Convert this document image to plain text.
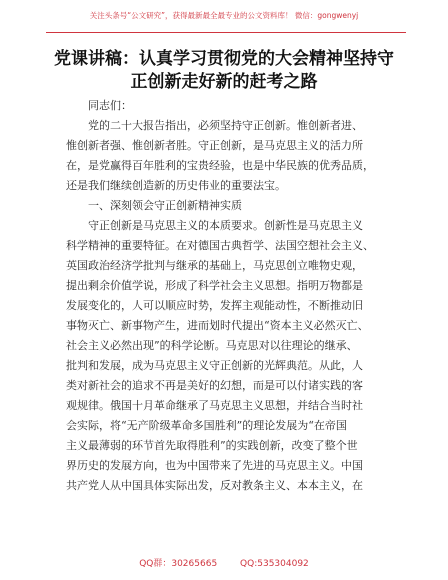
关注头条号“公文研究”，获得最新最全最专业的公文资料库！ 微信：gongwenyj
党课讲稿：认真学习贯彻党的大会精神坚持守
正创新走好新的赶考之路

同志们：

　　党的二十大报告指出，必须坚持守正创新。惟创新者进、
惟创新者强、惟创新者胜。守正创新，是马克思主义的活力所
在，是党赢得百年胜利的宝贵经验，也是中华民族的优秀品质，
还是我们继续创造新的历史伟业的重要法宝。

一、深刻领会守正创新精神实质

　　守正创新是马克思主义的本质要求。创新性是马克思主义
科学精神的重要特征。在对德国古典哲学、法国空想社会主义、
英国政治经济学批判与继承的基础上，马克思创立唯物史观，
提出剩余价值学说，形成了科学社会主义思想。指明万物都是
发展变化的，人可以顺应时势，发挥主观能动性，不断推动旧
事物灭亡、新事物产生，进而划时代提出“资本主义必然灭亡、
社会主义必然出现”的科学论断。马克思对以往理论的继承、
批判和发展，成为马克思主义守正创新的光辉典范。从此，人
类对新社会的追求不再是美好的幻想，而是可以付诸实践的客
观规律。俄国十月革命继承了马克思主义思想，并结合当时社
会实际，将“无产阶级革命多国胜利”的理论发展为“在帝国
主义最薄弱的环节首先取得胜利”的实践创新，改变了整个世
界历史的发展方向，也为中国带来了先进的马克思主义。中国
共产党人从中国具体实际出发，反对教条主义、本本主义，在

QQ群：30265665	QQ:535304092
